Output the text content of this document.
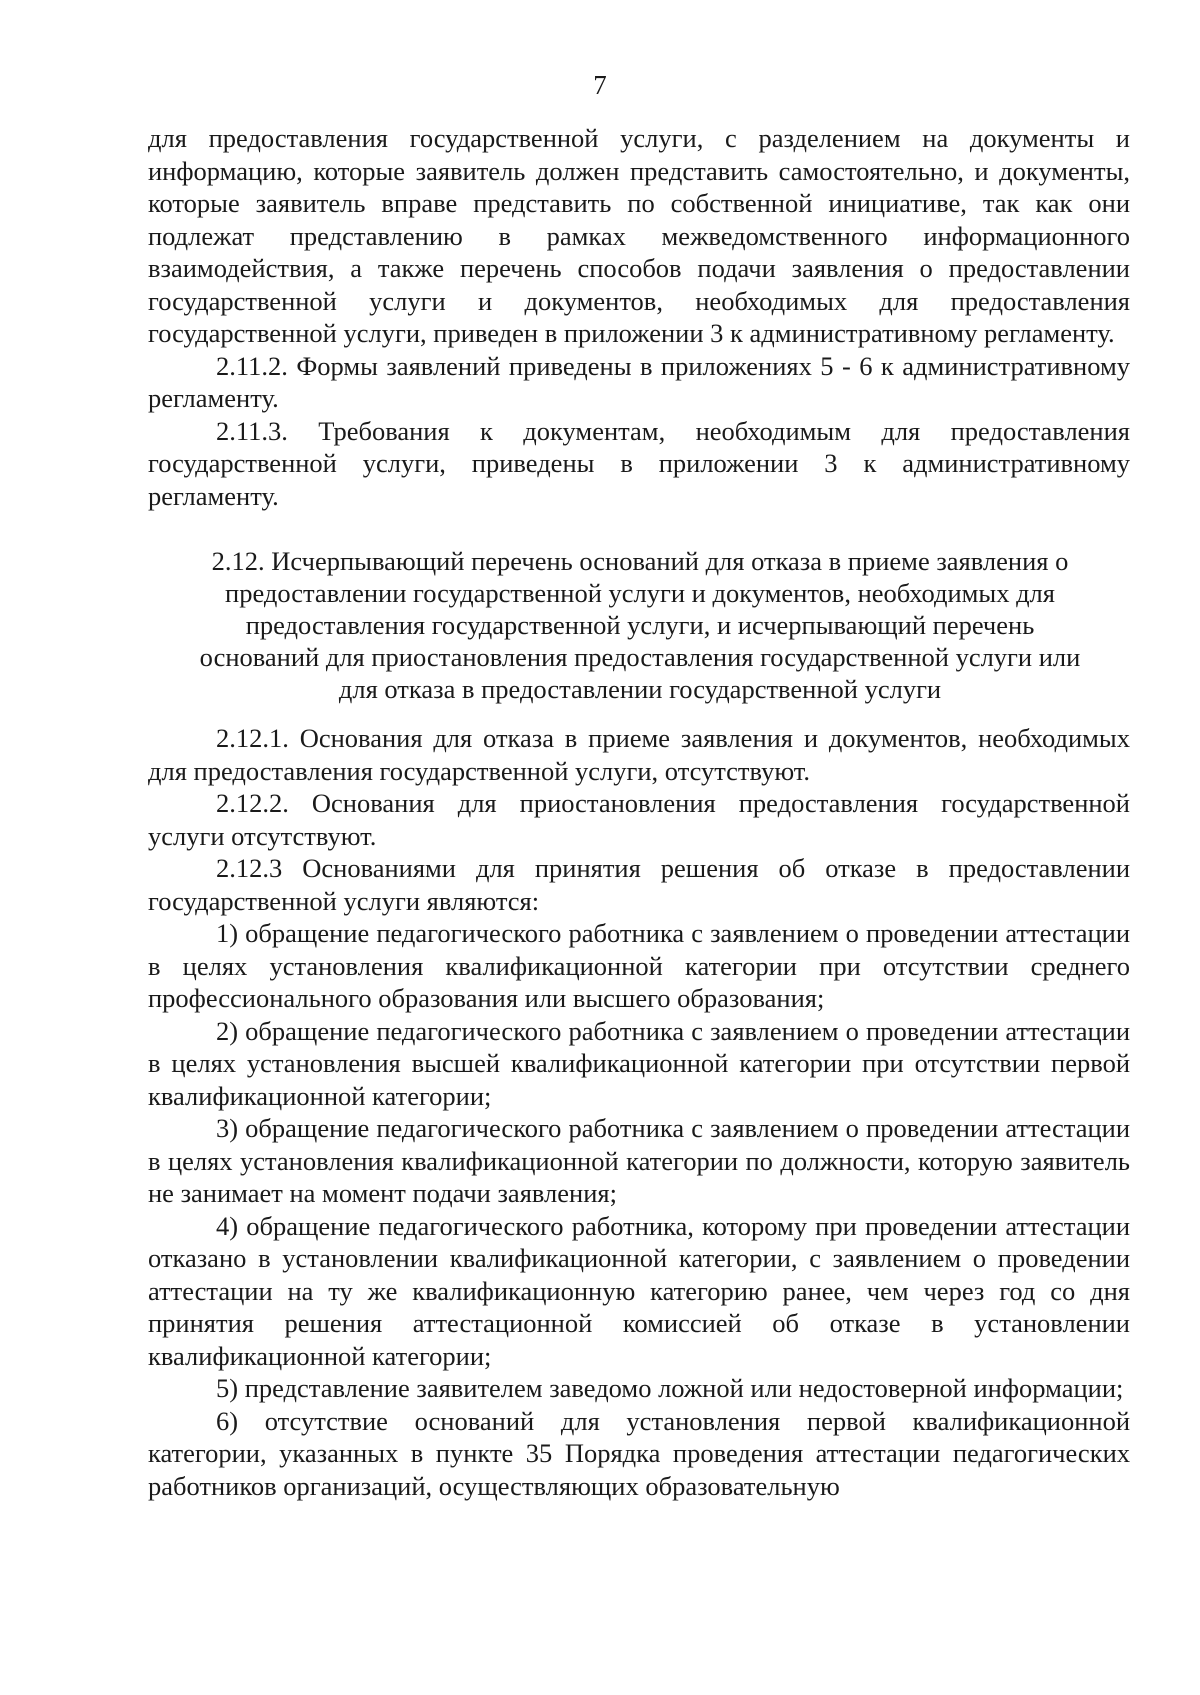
7

для предоставления государственной услуги, с разделением на документы и информацию, которые заявитель должен представить самостоятельно, и документы, которые заявитель вправе представить по собственной инициативе, так как они подлежат представлению в рамках межведомственного информационного взаимодействия, а также перечень способов подачи заявления о предоставлении государственной услуги и документов, необходимых для предоставления государственной услуги, приведен в приложении 3 к административному регламенту.

2.11.2. Формы заявлений приведены в приложениях 5 - 6 к административному регламенту.

2.11.3. Требования к документам, необходимым для предоставления государственной услуги, приведены в приложении 3 к административному регламенту.

2.12. Исчерпывающий перечень оснований для отказа в приеме заявления о
предоставлении государственной услуги и документов, необходимых для
предоставления государственной услуги, и исчерпывающий перечень
оснований для приостановления предоставления государственной услуги или
для отказа в предоставлении государственной услуги

2.12.1. Основания для отказа в приеме заявления и документов, необходимых для предоставления государственной услуги, отсутствуют.

2.12.2. Основания для приостановления предоставления государственной услуги отсутствуют.

2.12.3 Основаниями для принятия решения об отказе в предоставлении государственной услуги являются:

1) обращение педагогического работника с заявлением о проведении аттестации в целях установления квалификационной категории при отсутствии среднего профессионального образования или высшего образования;

2) обращение педагогического работника с заявлением о проведении аттестации в целях установления высшей квалификационной категории при отсутствии первой квалификационной категории;

3) обращение педагогического работника с заявлением о проведении аттестации в целях установления квалификационной категории по должности, которую заявитель не занимает на момент подачи заявления;

4) обращение педагогического работника, которому при проведении аттестации отказано в установлении квалификационной категории, с заявлением о проведении аттестации на ту же квалификационную категорию ранее, чем через год со дня принятия решения аттестационной комиссией об отказе в установлении квалификационной категории;

5) представление заявителем заведомо ложной или недостоверной информации;

6) отсутствие оснований для установления первой квалификационной категории, указанных в пункте 35 Порядка проведения аттестации педагогических работников организаций, осуществляющих образовательную
